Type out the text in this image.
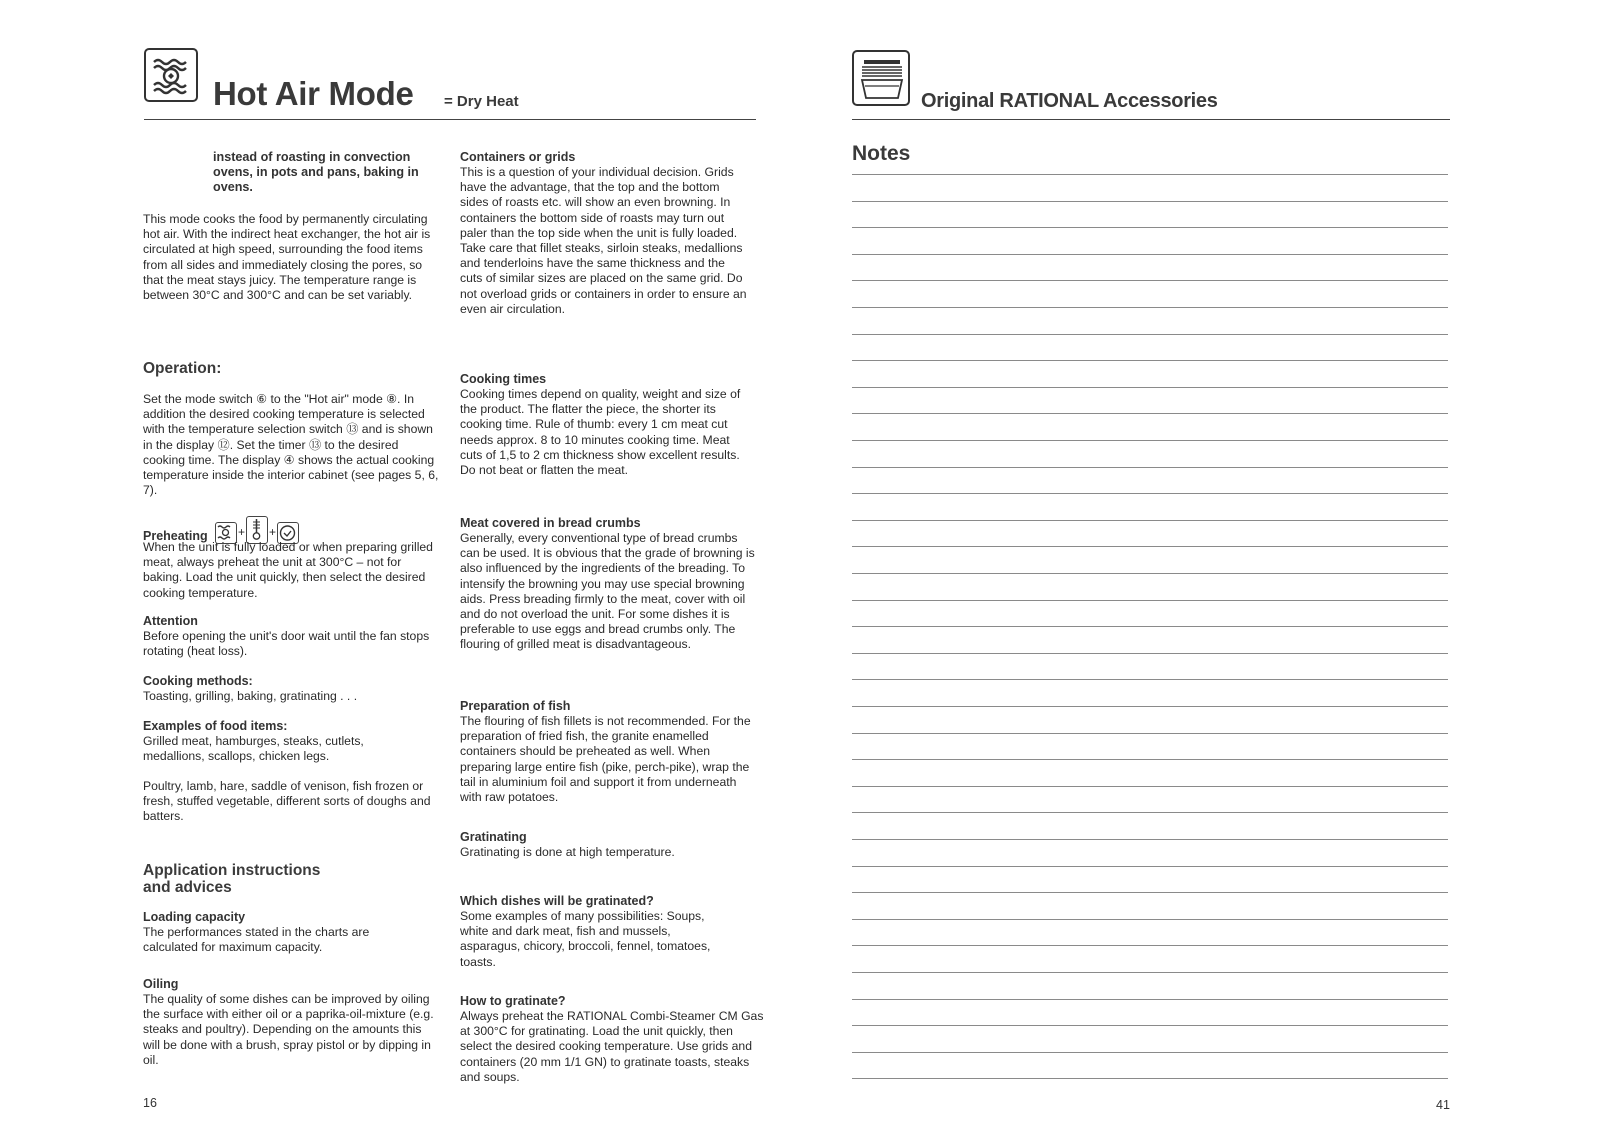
Hot Air Mode = Dry Heat

instead of roasting in convection ovens, in pots and pans, baking in ovens.

This mode cooks the food by permanently circulating hot air. With the indirect heat exchanger, the hot air is circulated at high speed, surrounding the food items from all sides and immediately closing the pores, so that the meat stays juicy. The temperature range is between 30°C and 300°C and can be set variably.

Operation:

Set the mode switch ⑥ to the "Hot air" mode ⑧. In addition the desired cooking temperature is selected with the temperature selection switch ⑬ and is shown in the display ⑫. Set the timer ⑬ to the desired cooking time. The display ④ shows the actual cooking temperature inside the interior cabinet (see pages 5, 6, 7).

Preheating	+ +

When the unit is fully loaded or when preparing grilled meat, always preheat the unit at 300°C – not for baking. Load the unit quickly, then select the desired cooking temperature.

Attention

Before opening the unit's door wait until the fan stops rotating (heat loss).

Cooking methods:

Toasting, grilling, baking, gratinating . . .

Examples of food items:

Grilled meat, hamburges, steaks, cutlets, medallions, scallops, chicken legs.

Poultry, lamb, hare, saddle of venison, fish frozen or fresh, stuffed vegetable, different sorts of doughs and batters.

Application instructions

and advices

Loading capacity

The performances stated in the charts are calculated for maximum capacity.

Oiling

The quality of some dishes can be improved by oiling the surface with either oil or a paprika-oil-mixture (e.g. steaks and poultry). Depending on the amounts this will be done with a brush, spray pistol or by dipping in oil.

16

Containers or grids

This is a question of your individual decision. Grids have the advantage, that the top and the bottom sides of roasts etc. will show an even browning. In containers the bottom side of roasts may turn out paler than the top side when the unit is fully loaded. Take care that fillet steaks, sirloin steaks, medallions and tenderloins have the same thickness and the cuts of similar sizes are placed on the same grid. Do not overload grids or containers in order to ensure an even air circulation.

Cooking times

Cooking times depend on quality, weight and size of the product. The flatter the piece, the shorter its cooking time. Rule of thumb: every 1 cm meat cut needs approx. 8 to 10 minutes cooking time. Meat cuts of 1,5 to 2 cm thickness show excellent results. Do not beat or flatten the meat.

Meat covered in bread crumbs

Generally, every conventional type of bread crumbs can be used. It is obvious that the grade of browning is also influenced by the ingredients of the breading. To intensify the browning you may use special browning aids. Press breading firmly to the meat, cover with oil and do not overload the unit. For some dishes it is preferable to use eggs and bread crumbs only. The flouring of grilled meat is disadvantageous.

Preparation of fish

The flouring of fish fillets is not recommended. For the preparation of fried fish, the granite enamelled containers should be preheated as well. When preparing large entire fish (pike, perch-pike), wrap the tail in aluminium foil and support it from underneath with raw potatoes.

Gratinating

Gratinating is done at high temperature.

Which dishes will be gratinated?

Some examples of many possibilities: Soups, white and dark meat, fish and mussels, asparagus, chicory, broccoli, fennel, tomatoes, toasts.

How to gratinate?

Always preheat the RATIONAL Combi-Steamer CM Gas at 300°C for gratinating. Load the unit quickly, then select the desired cooking temperature. Use grids and containers (20 mm 1/1 GN) to gratinate toasts, steaks and soups.

Original RATIONAL Accessories
Notes
41
